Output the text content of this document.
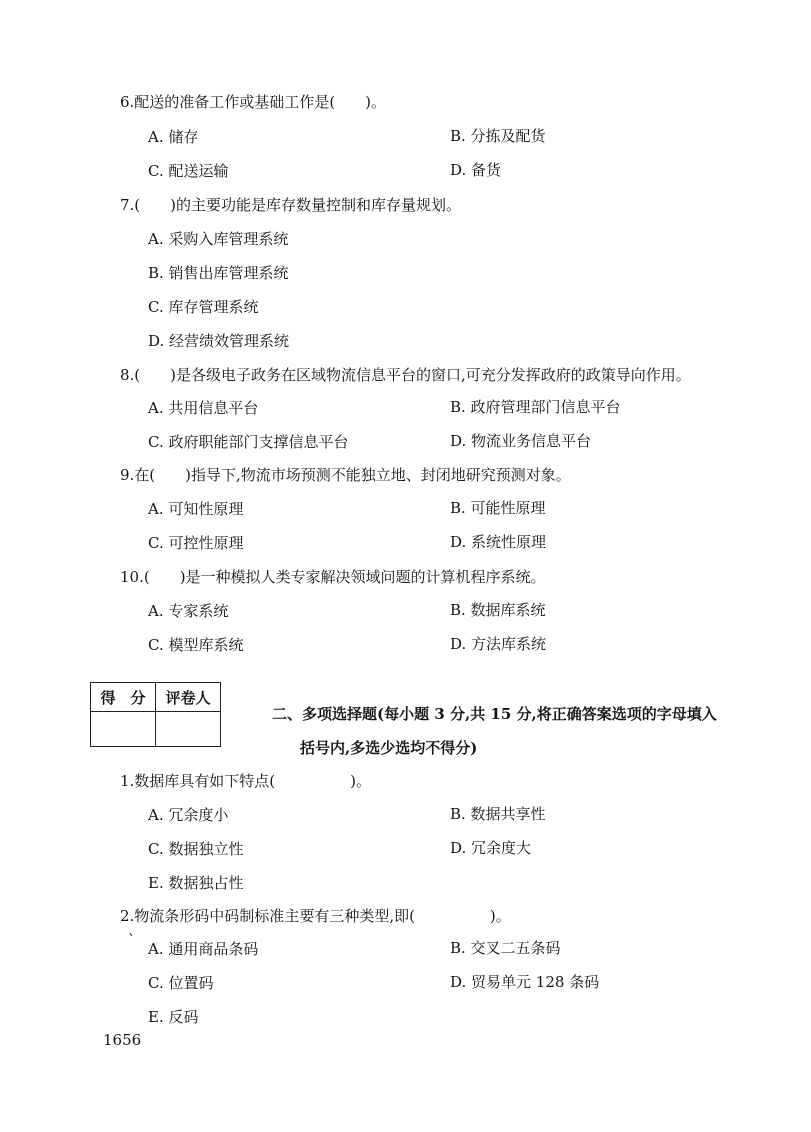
6.配送的准备工作或基础工作是(　　)。
A. 储存	B. 分拣及配货
C. 配送运输	D. 备货
7.(　　)的主要功能是库存数量控制和库存量规划。
A. 采购入库管理系统
B. 销售出库管理系统
C. 库存管理系统
D. 经营绩效管理系统
8.(　　)是各级电子政务在区域物流信息平台的窗口,可充分发挥政府的政策导向作用。
A. 共用信息平台	B. 政府管理部门信息平台
C. 政府职能部门支撑信息平台	D. 物流业务信息平台
9.在(　　)指导下,物流市场预测不能独立地、封闭地研究预测对象。
A. 可知性原理	B. 可能性原理
C. 可控性原理	D. 系统性原理
10.(　　)是一种模拟人类专家解决领域问题的计算机程序系统。
A. 专家系统	B. 数据库系统
C. 模型库系统	D. 方法库系统
得　分	评卷人

二、多项选择题(每小题 3 分,共 15 分,将正确答案选项的字母填入
括号内,多选少选均不得分)
1.数据库具有如下特点(　　　　　)。
A. 冗余度小	B. 数据共享性
C. 数据独立性	D. 冗余度大
E. 数据独占性
2.物流条形码中码制标准主要有三种类型,即(　　　　　)。
` A. 通用商品条码	B. 交叉二五条码
C. 位置码	D. 贸易单元 128 条码
E. 反码
1656
